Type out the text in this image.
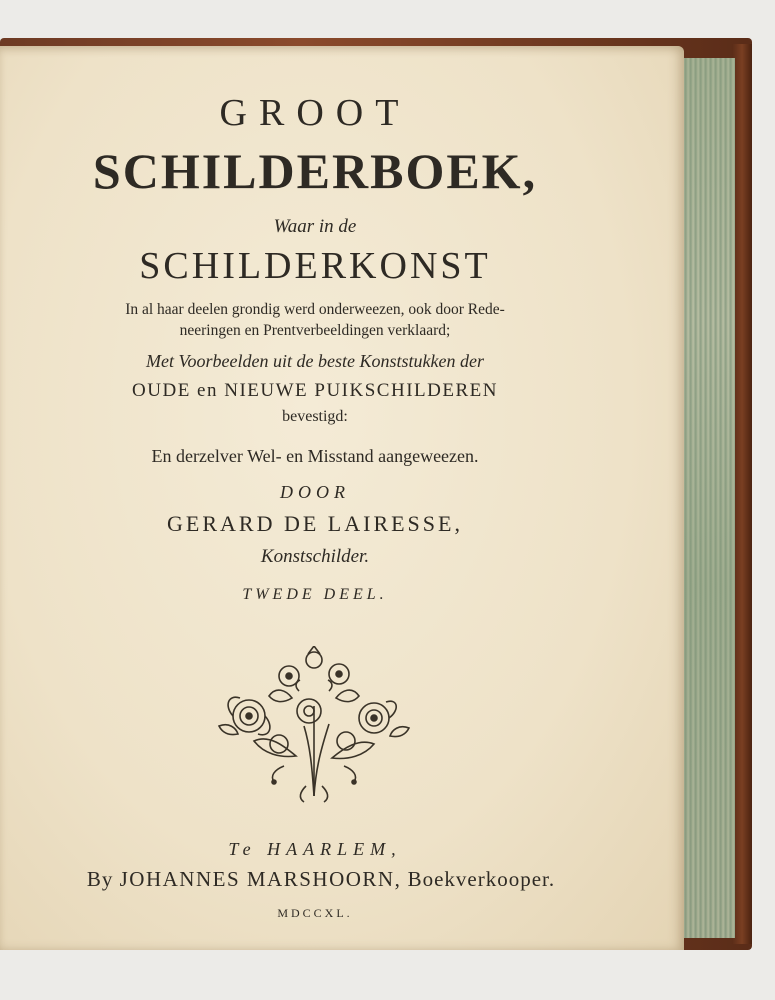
GROOT
SCHILDERBOEK,
Waar in de
SCHILDERKONST
In al haar deelen grondig werd onderweezen, ook door Rede-
neeringen en Prentverbeeldingen verklaard;
Met Voorbeelden uit de beste Konststukken der
OUDE en NIEUWE PUIKSCHILDEREN
bevestigd:
En derzelver Wel- en Misstand aangeweezen.
DOOR
GERARD DE LAIRESSE,
Konstschilder.
TWEDE DEEL.
Te HAARLEM,
By JOHANNES MARSHOORN, Boekverkooper.
MDCCXL.
